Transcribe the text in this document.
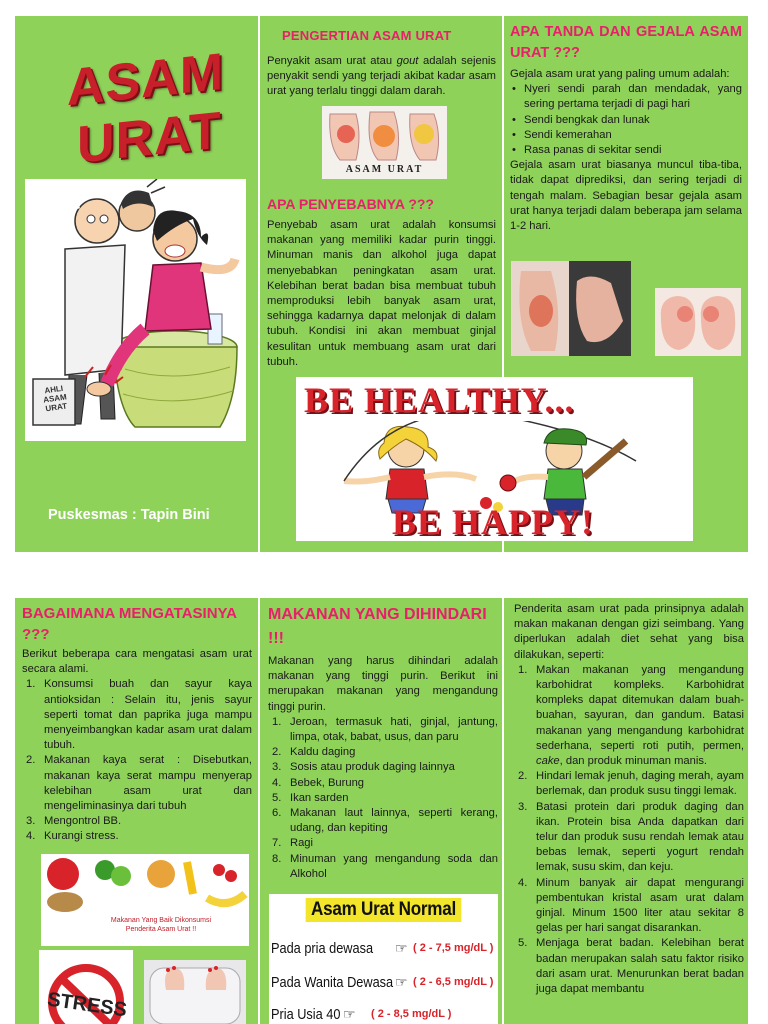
ASAM
URAT
AHLI ASAM URAT
Puskesmas : Tapin Bini
PENGERTIAN ASAM URAT
Penyakit asam urat atau gout adalah sejenis penyakit sendi yang terjadi akibat kadar asam urat yang terlalu tinggi dalam darah.
ASAM URAT
APA PENYEBABNYA ???
Penyebab asam urat adalah konsumsi makanan yang memiliki kadar purin tinggi. Minuman manis dan alkohol juga dapat menyebabkan peningkatan asam urat. Kelebihan berat badan bisa membuat tubuh memproduksi lebih banyak asam urat, sehingga kadarnya dapat melonjak di dalam tubuh. Kondisi ini akan membuat ginjal kesulitan untuk membuang asam urat dari tubuh.
APA TANDA DAN GEJALA ASAM URAT ???
Gejala asam urat yang paling umum adalah:
• Nyeri sendi parah dan mendadak, yang sering pertama terjadi di pagi hari
• Sendi bengkak dan lunak
• Sendi kemerahan
• Rasa panas di sekitar sendi
Gejala asam urat biasanya muncul tiba-tiba, tidak dapat diprediksi, dan sering terjadi di tengah malam. Sebagian besar gejala asam urat hanya terjadi dalam beberapa jam selama 1-2 hari.
BE HEALTHY...
BE HAPPY!
BAGAIMANA MENGATASINYA ???
Berikut beberapa cara mengatasi asam urat secara alami.
1. Konsumsi buah dan sayur kaya antioksidan : Selain itu, jenis sayur seperti tomat dan paprika juga mampu menyeimbangkan kadar asam urat dalam tubuh.
2. Makanan kaya serat : Disebutkan, makanan kaya serat mampu menyerap kelebihan asam urat dan mengeliminasinya dari tubuh
3. Mengontrol BB.
4. Kurangi stress.
Makanan Yang Baik Dikonsumsi Penderita Asam Urat !!
STRESS
MAKANAN YANG DIHINDARI !!!
Makanan yang harus dihindari adalah makanan yang tinggi purin. Berikut ini merupakan makanan yang mengandung tinggi purin.
1. Jeroan, termasuk hati, ginjal, jantung, limpa, otak, babat, usus, dan paru
2. Kaldu daging
3. Sosis atau produk daging lainnya
4. Bebek, Burung
5. Ikan sarden
6. Makanan laut lainnya, seperti kerang, udang, dan kepiting
7. Ragi
8. Minuman yang mengandung soda dan Alkohol
Asam Urat Normal
Pada pria dewasa ☞ ( 2 - 7,5 mg/dL )
Pada Wanita Dewasa ☞ ( 2 - 6,5 mg/dL )
Pria Usia 40 ☞ ( 2 - 8,5 mg/dL )
Penderita asam urat pada prinsipnya adalah makan makanan dengan gizi seimbang. Yang diperlukan adalah diet sehat yang bisa dilakukan, seperti:
1. Makan makanan yang mengandung karbohidrat kompleks. Karbohidrat kompleks dapat ditemukan dalam buah-buahan, sayuran, dan gandum. Batasi makanan yang mengandung karbohidrat sederhana, seperti roti putih, permen, cake, dan produk minuman manis.
2. Hindari lemak jenuh, daging merah, ayam berlemak, dan produk susu tinggi lemak.
3. Batasi protein dari produk daging dan ikan. Protein bisa Anda dapatkan dari telur dan produk susu rendah lemak atau bebas lemak, seperti yogurt rendah lemak, susu skim, dan keju.
4. Minum banyak air dapat mengurangi pembentukan kristal asam urat dalam ginjal. Minum 1500 liter atau sekitar 8 gelas per hari sangat disarankan.
5. Menjaga berat badan. Kelebihan berat badan merupakan salah satu faktor risiko dari asam urat. Menurunkan berat badan juga dapat membantu
